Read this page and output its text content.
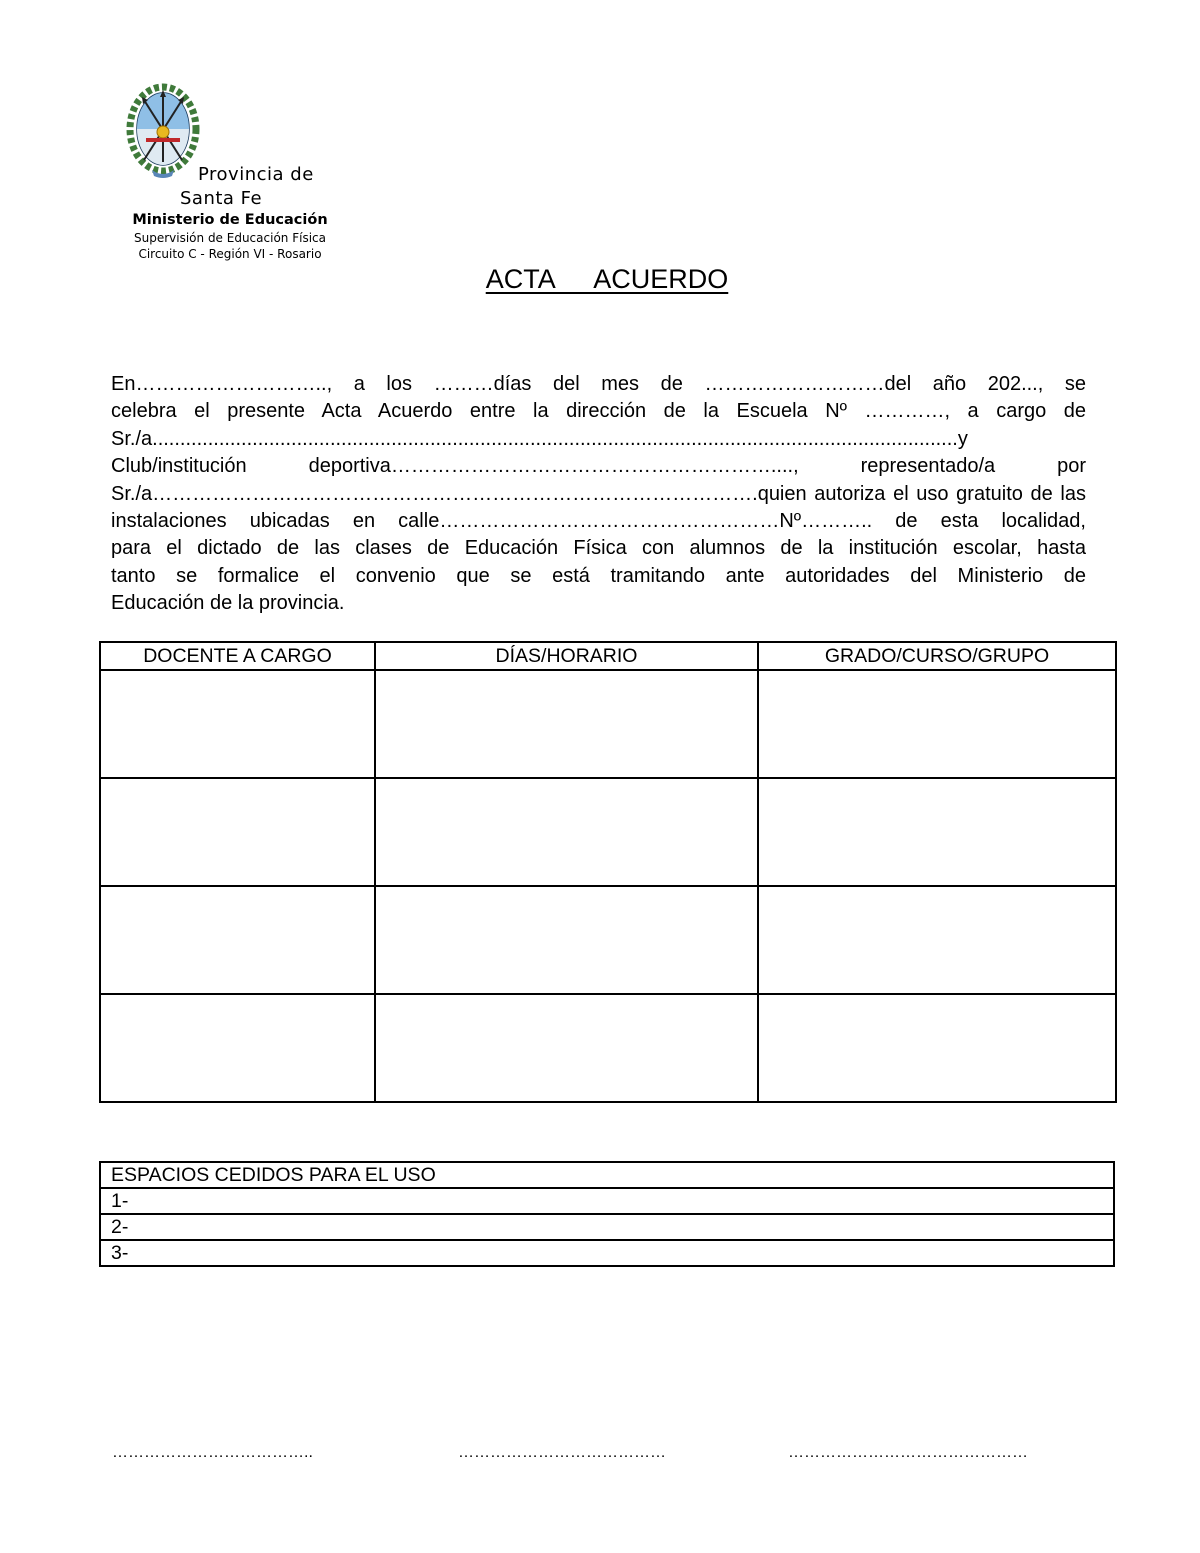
Provincia de
Santa Fe
Ministerio de Educación
Supervisión de Educación Física
Circuito C - Región VI - Rosario
ACTA   ACUERDO
En……………………….., a los ………días del mes de ………………………del año 202..., se
celebra el presente Acta Acuerdo entre la dirección de la Escuela Nº …………, a cargo de
Sr./a.................................................................................................................................................y
Club/institución deportiva…………………………………………………...., representado/a por
Sr./a……………………………………………………………………………….quien autoriza el uso gratuito de las
instalaciones ubicadas en calle……………………………………………Nº……….. de esta localidad,
para el dictado de las clases de Educación Física con alumnos de la institución escolar, hasta
tanto se formalice el convenio que se está tramitando ante autoridades del Ministerio de
Educación de la provincia.
DOCENTE A CARGO	DÍAS/HORARIO	GRADO/CURSO/GRUPO

ESPACIOS CEDIDOS PARA EL USO
1-
2-
3-
………………………………..	…………………………………	………………………………………
